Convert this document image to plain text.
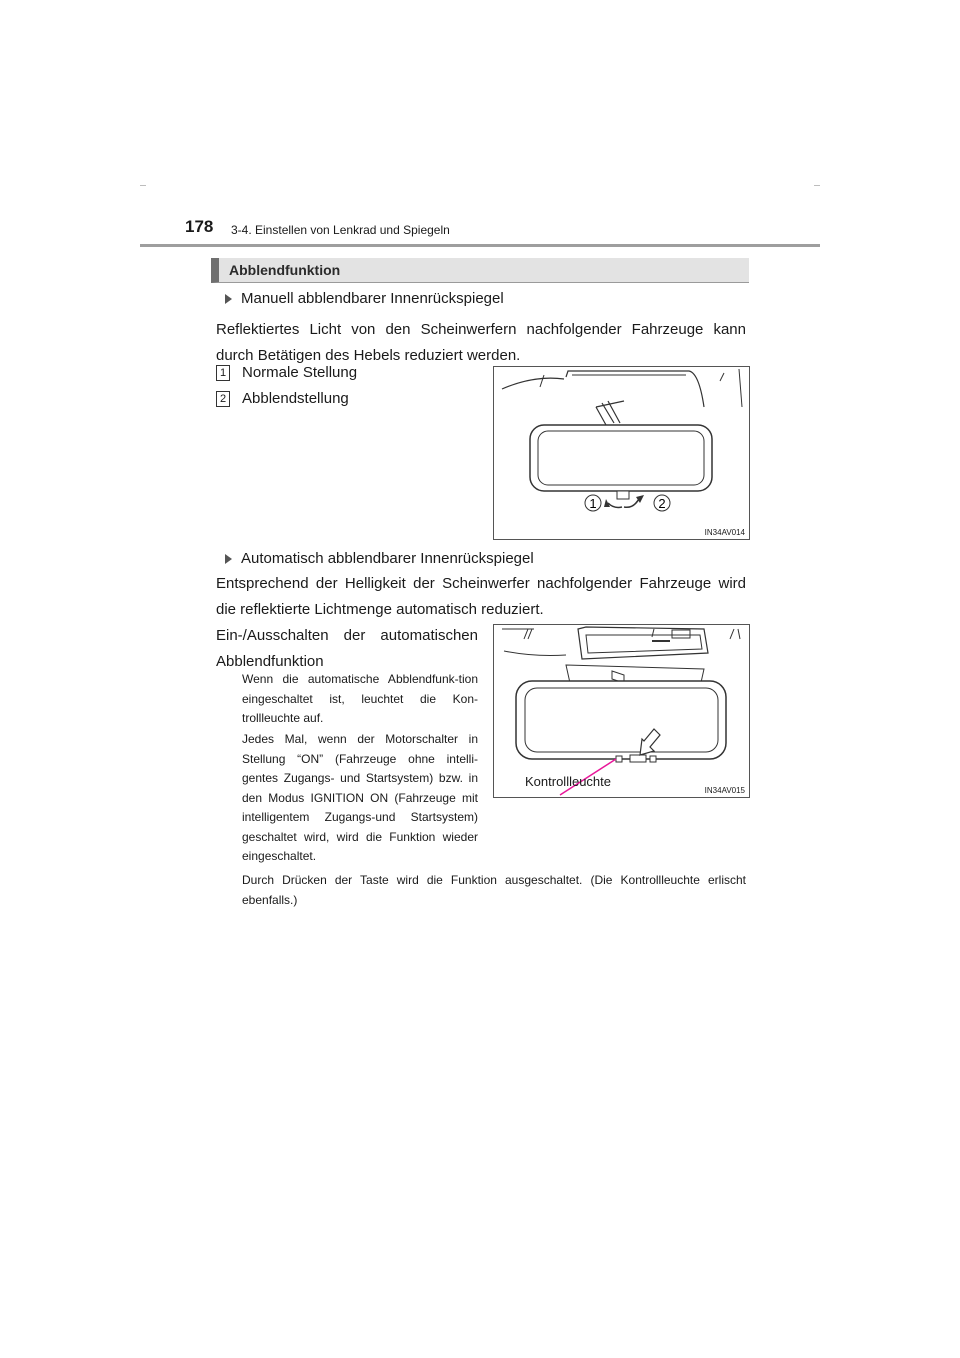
178 3-4. Einstellen von Lenkrad und Spiegeln
Abblendfunktion
Manuell abblendbarer Innenrückspiegel
Reflektiertes Licht von den Scheinwerfern nachfolgender Fahrzeuge kann durch Betätigen des Hebels reduziert werden.
1 Normale Stellung
2 Abblendstellung
1	2
IN34AV014
Automatisch abblendbarer Innenrückspiegel
Entsprechend der Helligkeit der Scheinwerfer nachfolgender Fahrzeuge wird die reflektierte Lichtmenge automatisch reduziert.
Ein-/Ausschalten der automatischen Abblendfunktion
Wenn die automatische Abblendfunk-tion eingeschaltet ist, leuchtet die Kon-trollleuchte auf.
Jedes Mal, wenn der Motorschalter in Stellung “ON” (Fahrzeuge ohne intelli-gentes Zugangs- und Startsystem) bzw. in den Modus IGNITION ON (Fahrzeuge mit intelligentem Zugangs-und Startsystem) geschaltet wird, wird die Funktion wieder eingeschaltet.
Durch Drücken der Taste wird die Funktion ausgeschaltet. (Die Kontrollleuchte erlischt ebenfalls.)
Kontrollleuchte
IN34AV015
